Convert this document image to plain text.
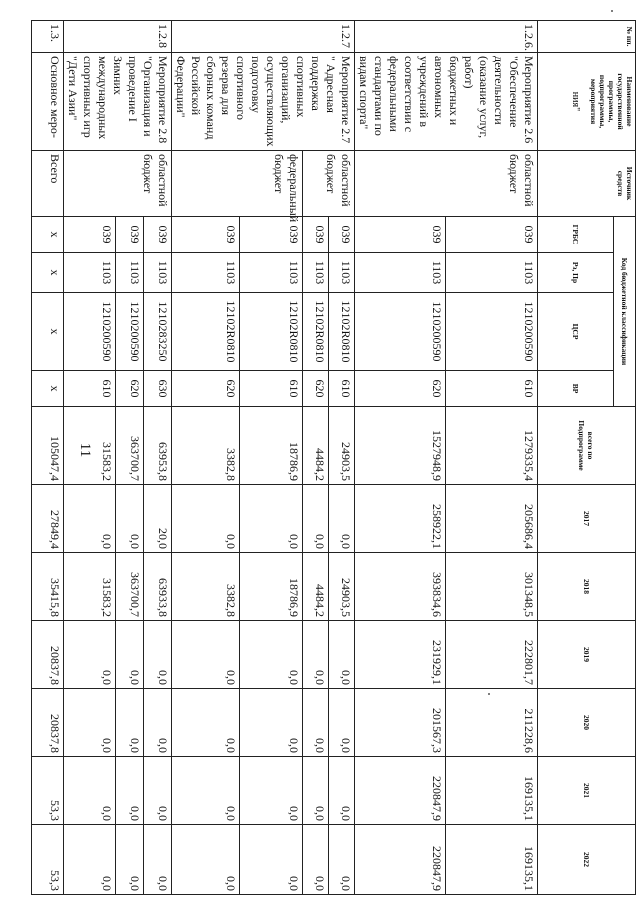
11
№ пп.	Наименование государственной программы, подпрограммы, мероприятия

ния"	Источник средств	Код бюджетной классификации				всего по Подпрограмме	2017	2018	2019	2020	2021	2022
			ГРБС	Рз, Пр	ЦСР	ВР							
1.2.6.	Мероприятие 2.6 "Обеспечение деятельности (оказание услуг, работ) бюджетных и автономных учреждений в соответствии с федеральными стандартами по видам спорта"	областной бюджет	039	1103	1210200590	610	1279335,4	205686,4	301348,5	222801,7	211228,6	169135,1	169135,1
			039	1103	1210200590	620	1527948,9	258922,1	393834,6	231929,1	201567,3	220847,9	220847,9
1.2.7	Мероприятие 2.7 " Адресная поддержка спортивных организаций, осуществляющих подготовку спортивного резерва для сборных команд Российской Федерации"	областной бюджет	039	1103	12102R0810	610	24903,5	0,0	24903,5	0,0	0,0	0,0	0,0
			039	1103	12102R0810	620	4484,2	0,0	4484,2	0,0	0,0	0,0	0,0
		федеральный бюджет	039	1103	12102R0810	610	18786,9	0,0	18786,9	0,0	0,0	0,0	0,0
			039	1103	12102R0810	620	3382,8	0,0	3382,8	0,0	0,0	0,0	0,0
1.2.8	Мероприятие 2.8 "Организация и проведение I Зимних международных спортивных игр "Дети Азии"	областной бюджет	039	1103	1210283250	630	63953,8	20,0	63933,8	0,0	0,0	0,0	0,0
			039	1103	1210200590	620	363700,7	0,0	363700,7	0,0	0,0	0,0	0,0
			039	1103	1210200590	610	31583,2	0,0	31583,2	0,0	0,0	0,0	0,0
1.3.	Основное меро-	Всего	x	x	x	x	105047,4	27849,4	35415,8	20837,8	20837,8	53,3	53,3
